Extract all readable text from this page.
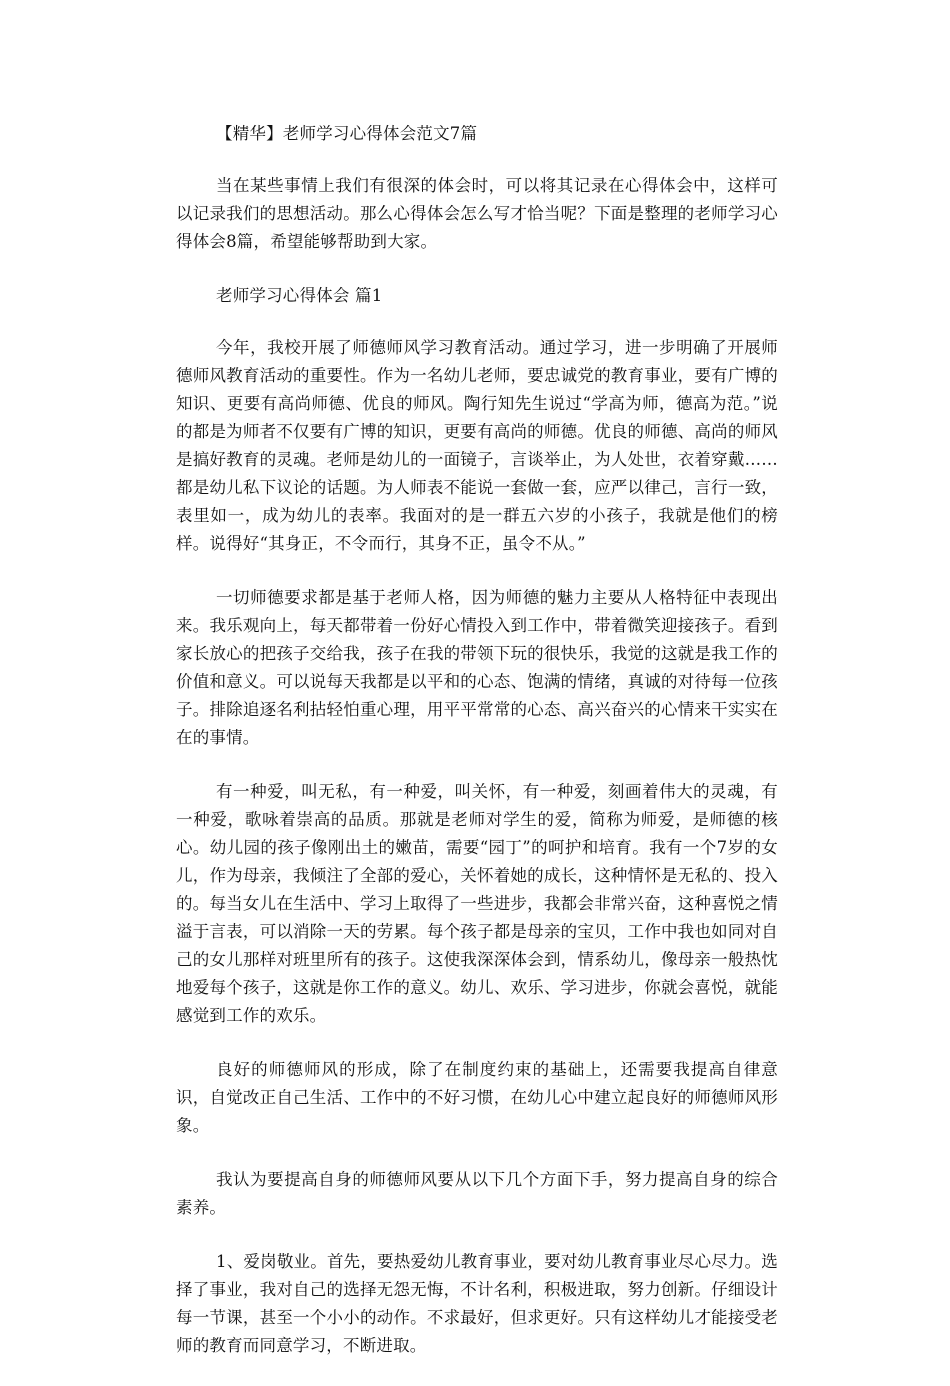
【精华】老师学习心得体会范文7篇

当在某些事情上我们有很深的体会时，可以将其记录在心得体会中，这样可以记录我们的思想活动。那么心得体会怎么写才恰当呢？下面是整理的老师学习心得体会8篇，希望能够帮助到大家。

老师学习心得体会 篇1

今年，我校开展了师德师风学习教育活动。通过学习，进一步明确了开展师德师风教育活动的重要性。作为一名幼儿老师，要忠诚党的教育事业，要有广博的知识、更要有高尚师德、优良的师风。陶行知先生说过“学高为师，德高为范。”说的都是为师者不仅要有广博的知识，更要有高尚的师德。优良的师德、高尚的师风是搞好教育的灵魂。老师是幼儿的一面镜子，言谈举止，为人处世，衣着穿戴……都是幼儿私下议论的话题。为人师表不能说一套做一套，应严以律己，言行一致，表里如一，成为幼儿的表率。我面对的是一群五六岁的小孩子，我就是他们的榜样。说得好“其身正，不令而行，其身不正，虽令不从。”

一切师德要求都是基于老师人格，因为师德的魅力主要从人格特征中表现出来。我乐观向上，每天都带着一份好心情投入到工作中，带着微笑迎接孩子。看到家长放心的把孩子交给我，孩子在我的带领下玩的很快乐，我觉的这就是我工作的价值和意义。可以说每天我都是以平和的心态、饱满的情绪，真诚的对待每一位孩子。排除追逐名利拈轻怕重心理，用平平常常的心态、高兴奋兴的心情来干实实在在的事情。

有一种爱，叫无私，有一种爱，叫关怀，有一种爱，刻画着伟大的灵魂，有一种爱，歌咏着崇高的品质。那就是老师对学生的爱，简称为师爱，是师德的核心。幼儿园的孩子像刚出土的嫩苗，需要“园丁”的呵护和培育。我有一个7岁的女儿，作为母亲，我倾注了全部的爱心，关怀着她的成长，这种情怀是无私的、投入的。每当女儿在生活中、学习上取得了一些进步，我都会非常兴奋，这种喜悦之情溢于言表，可以消除一天的劳累。每个孩子都是母亲的宝贝，工作中我也如同对自己的女儿那样对班里所有的孩子。这使我深深体会到，情系幼儿，像母亲一般热忱地爱每个孩子，这就是你工作的意义。幼儿、欢乐、学习进步，你就会喜悦，就能感觉到工作的欢乐。

良好的师德师风的形成，除了在制度约束的基础上，还需要我提高自律意识，自觉改正自己生活、工作中的不好习惯，在幼儿心中建立起良好的师德师风形象。

我认为要提高自身的师德师风要从以下几个方面下手，努力提高自身的综合素养。

1、爱岗敬业。首先，要热爱幼儿教育事业，要对幼儿教育事业尽心尽力。选择了事业，我对自己的选择无怨无悔，不计名利，积极进取，努力创新。仔细设计每一节课，甚至一个小小的动作。不求最好，但求更好。只有这样幼儿才能接受老师的教育而同意学习，不断进取。
